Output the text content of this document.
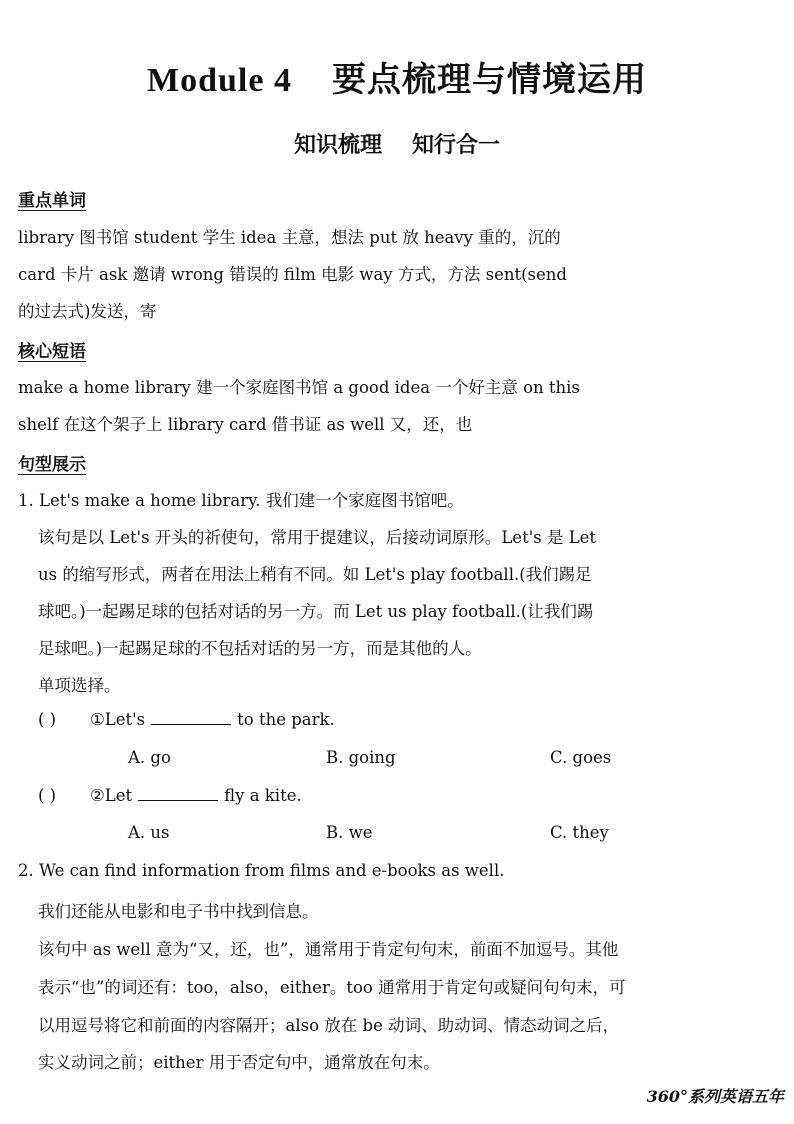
Module 4 要点梳理与情境运用
知识梳理 知行合一
重点单词
library 图书馆 student 学生 idea 主意，想法 put 放 heavy 重的，沉的
card 卡片 ask 邀请 wrong 错误的 film 电影 way 方式，方法 sent(send
的过去式)发送，寄
核心短语
make a home library 建一个家庭图书馆 a good idea 一个好主意 on this
shelf 在这个架子上 library card 借书证 as well 又，还，也
句型展示
1. Let's make a home library. 我们建一个家庭图书馆吧。
该句是以 Let's 开头的祈使句，常用于提建议，后接动词原形。Let's 是 Let
us 的缩写形式，两者在用法上稍有不同。如 Let's play football.(我们踢足
球吧。)一起踢足球的包括对话的另一方。而 Let us play football.(让我们踢
足球吧。)一起踢足球的不包括对话的另一方，而是其他的人。
单项选择。
( ) ①Let's	to the park.
A. go	B. going	C. goes
( ) ②Let	fly a kite.
A. us	B. we	C. they
2. We can find information from films and e-books as well.
我们还能从电影和电子书中找到信息。
该句中 as well 意为“又，还，也”，通常用于肯定句句末，前面不加逗号。其他
表示“也”的词还有：too，also，either。too 通常用于肯定句或疑问句句末，可
以用逗号将它和前面的内容隔开；also 放在 be 动词、助动词、情态动词之后，
实义动词之前；either 用于否定句中，通常放在句末。
360°系列英语五年
